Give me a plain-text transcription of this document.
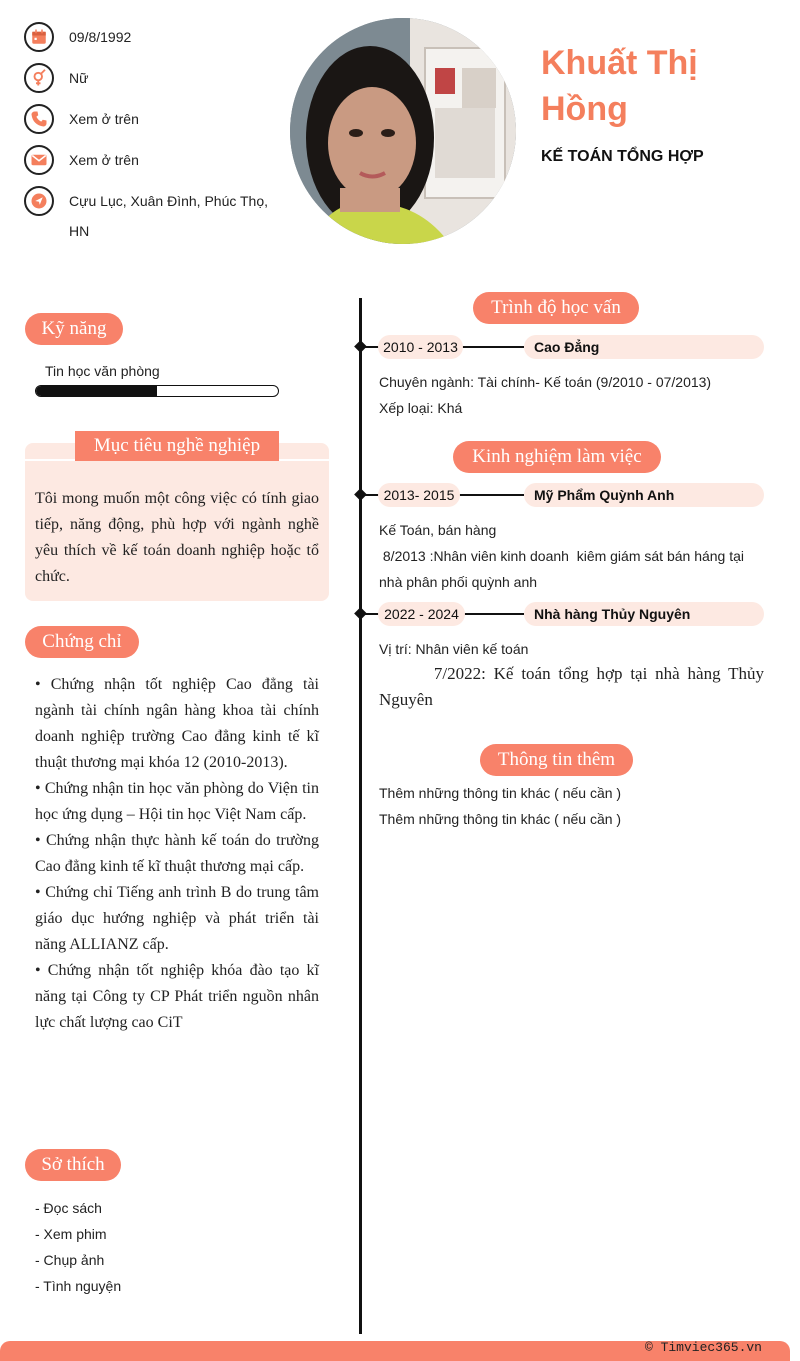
09/8/1992
Nữ
Xem ở trên
Xem ở trên
Cựu Lục, Xuân Đình, Phúc Thọ,
HN
Khuất Thị
Hồng
KẾ TOÁN TỔNG HỢP
Kỹ năng
Tin học văn phòng
Mục tiêu nghề nghiệp
Tôi mong muốn một công việc có tính giao tiếp, năng động, phù hợp với ngành nghề yêu thích về kế toán doanh nghiệp hoặc tổ chức.
Chứng chỉ

• Chứng nhận tốt nghiệp Cao đẳng tài ngành tài chính ngân hàng khoa tài chính doanh nghiệp trường Cao đẳng kinh tế kĩ thuật thương mại khóa 12 (2010-2013).

• Chứng nhận tin học văn phòng do Viện tin học ứng dụng – Hội tin học Việt Nam cấp.

• Chứng nhận thực hành kế toán do trường Cao đẳng kinh tế kĩ thuật thương mại cấp.

• Chứng chỉ Tiếng anh trình B do trung tâm giáo dục hướng nghiệp và phát triển tài năng ALLIANZ cấp.

• Chứng nhận tốt nghiệp khóa đào tạo kĩ năng tại Công ty CP Phát triển nguồn nhân lực chất lượng cao CiT

Sở thích
- Đọc sách
- Xem phim
- Chụp ảnh
- Tình nguyện
Trình độ học vấn
2010 - 2013	Cao Đẳng
Chuyên ngành: Tài chính- Kế toán (9/2010 - 07/2013)
Xếp loại: Khá
Kinh nghiệm làm việc
2013- 2015	Mỹ Phẩm Quỳnh Anh
Kế Toán, bán hàng
8/2013 :Nhân viên kinh doanh  kiêm giám sát bán háng tại
nhà phân phối quỳnh anh
2022 - 2024	Nhà hàng Thủy Nguyên
Vị trí: Nhân viên kế toán
7/2022: Kế toán tổng hợp tại nhà hàng Thủy Nguyên
Thông tin thêm
Thêm những thông tin khác ( nếu cần )
Thêm những thông tin khác ( nếu cần )
© Timviec365.vn
